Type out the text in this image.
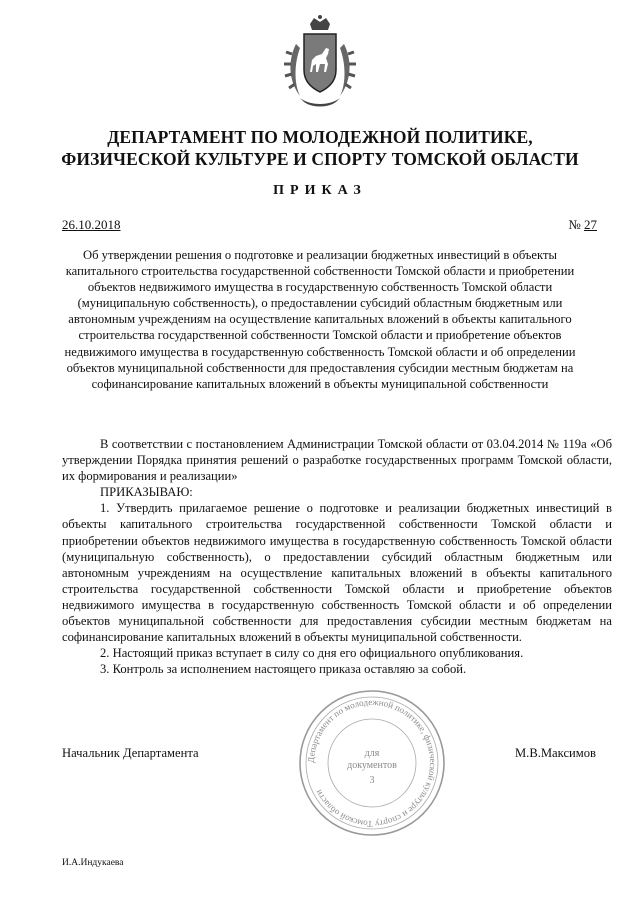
ДЕПАРТАМЕНТ ПО МОЛОДЕЖНОЙ ПОЛИТИКЕ,
ФИЗИЧЕСКОЙ КУЛЬТУРЕ И СПОРТУ ТОМСКОЙ ОБЛАСТИ
ПРИКАЗ
26.10.2018	№ 27
Об утверждении решения о подготовке и реализации бюджетных инвестиций в объекты капитального строительства государственной собственности Томской области и приобретении объектов недвижимого имущества в государственную собственность Томской области (муниципальную собственность), о предоставлении субсидий областным бюджетным или автономным учреждениям на осуществление капитальных вложений в объекты капитального строительства государственной собственности Томской области и приобретение объектов недвижимого имущества в государственную собственность Томской области и об определении объектов муниципальной собственности для предоставления субсидии местным бюджетам на софинансирование капитальных вложений в объекты муниципальной собственности

В соответствии с постановлением Администрации Томской области от 03.04.2014 № 119а «Об утверждении Порядка принятия решений о разработке государственных программ Томской области, их формирования и реализации»

ПРИКАЗЫВАЮ:

1. Утвердить прилагаемое решение о подготовке и реализации бюджетных инвестиций в объекты капитального строительства государственной собственности Томской области и приобретении объектов недвижимого имущества в государственную собственность Томской области (муниципальную собственность), о предоставлении субсидий областным бюджетным или автономным учреждениям на осуществление капитальных вложений в объекты капитального строительства государственной собственности Томской области и приобретение объектов недвижимого имущества в государственную собственность Томской области и об определении объектов муниципальной собственности для предоставления субсидии местным бюджетам на софинансирование капитальных вложений в объекты муниципальной собственности.

2. Настоящий приказ вступает в силу со дня его официального опубликования.

3. Контроль за исполнением настоящего приказа оставляю за собой.

Департамент по молодежной политике, физической культуре и спорту Томской области
для
документов
3
Начальник Департамента	М.В.Максимов
И.А.Индукаева
